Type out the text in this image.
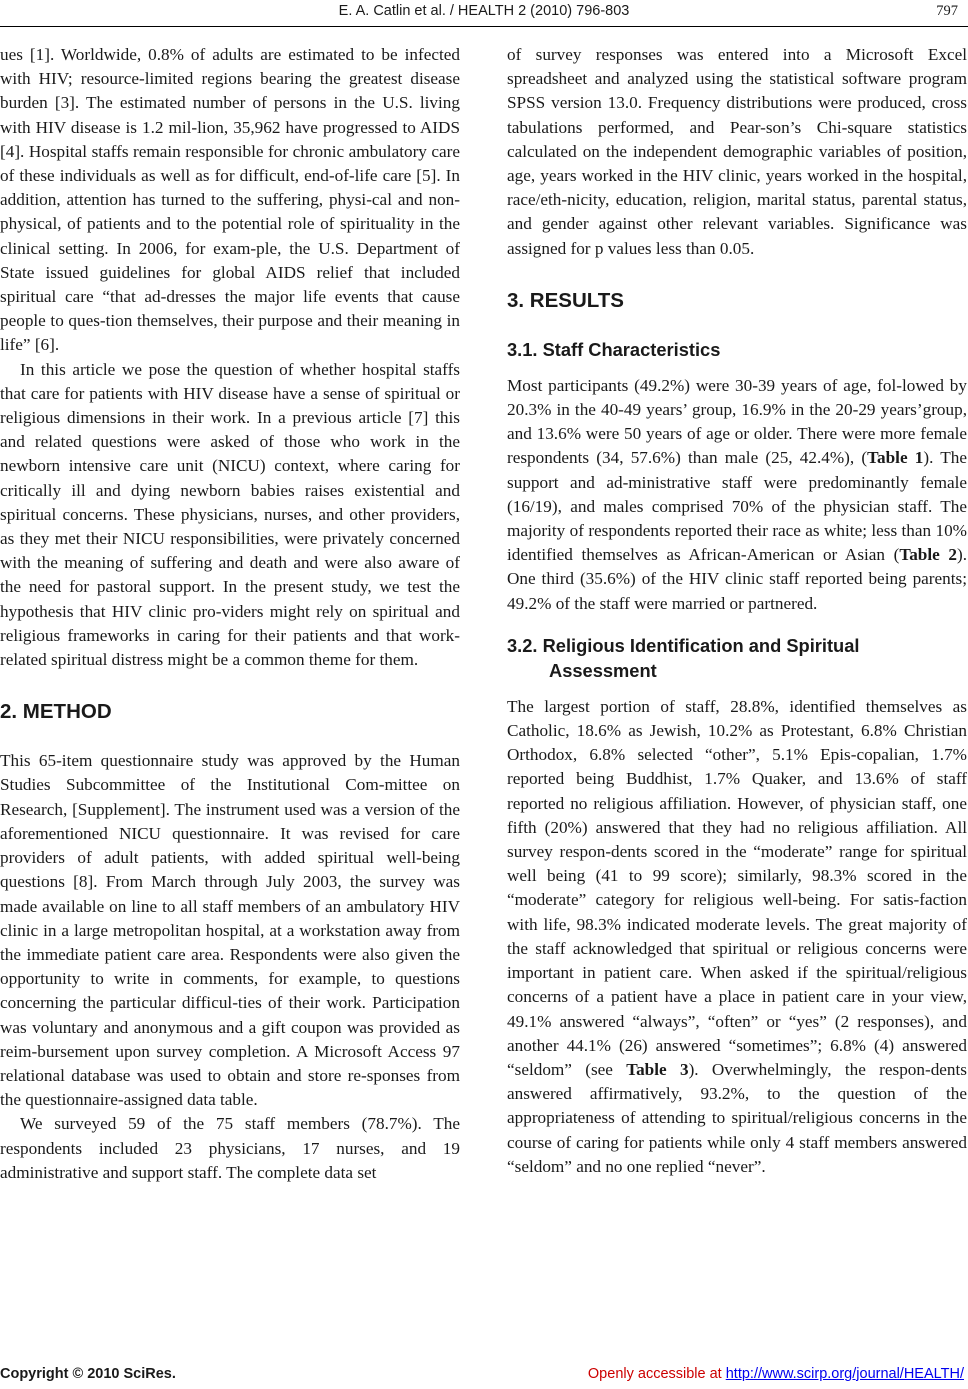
E. A. Catlin et al. / HEALTH 2 (2010) 796-803	797

ues [1]. Worldwide, 0.8% of adults are estimated to be infected with HIV; resource-limited regions bearing the greatest disease burden [3]. The estimated number of persons in the U.S. living with HIV disease is 1.2 mil-lion, 35,962 have progressed to AIDS [4]. Hospital staffs remain responsible for chronic ambulatory care of these individuals as well as for difficult, end-of-life care [5]. In addition, attention has turned to the suffering, physi-cal and non-physical, of patients and to the potential role of spirituality in the clinical setting. In 2006, for exam-ple, the U.S. Department of State issued guidelines for global AIDS relief that included spiritual care “that ad-dresses the major life events that cause people to ques-tion themselves, their purpose and their meaning in life” [6].

In this article we pose the question of whether hospital staffs that care for patients with HIV disease have a sense of spiritual or religious dimensions in their work. In a previous article [7] this and related questions were asked of those who work in the newborn intensive care unit (NICU) context, where caring for critically ill and dying newborn babies raises existential and spiritual concerns. These physicians, nurses, and other providers, as they met their NICU responsibilities, were privately concerned with the meaning of suffering and death and were also aware of the need for pastoral support. In the present study, we test the hypothesis that HIV clinic pro-viders might rely on spiritual and religious frameworks in caring for their patients and that work-related spiritual distress might be a common theme for them.

2. METHOD

This 65-item questionnaire study was approved by the Human Studies Subcommittee of the Institutional Com-mittee on Research, [Supplement]. The instrument used was a version of the aforementioned NICU questionnaire. It was revised for care providers of adult patients, with added spiritual well-being questions [8]. From March through July 2003, the survey was made available on line to all staff members of an ambulatory HIV clinic in a large metropolitan hospital, at a workstation away from the immediate patient care area. Respondents were also given the opportunity to write in comments, for example, to questions concerning the particular difficul-ties of their work. Participation was voluntary and anonymous and a gift coupon was provided as reim-bursement upon survey completion. A Microsoft Access 97 relational database was used to obtain and store re-sponses from the questionnaire-assigned data table.

We surveyed 59 of the 75 staff members (78.7%). The respondents included 23 physicians, 17 nurses, and 19 administrative and support staff. The complete data set

of survey responses was entered into a Microsoft Excel spreadsheet and analyzed using the statistical software program SPSS version 13.0. Frequency distributions were produced, cross tabulations performed, and Pear-son’s Chi-square statistics calculated on the independent demographic variables of position, age, years worked in the HIV clinic, years worked in the hospital, race/eth-nicity, education, religion, marital status, parental status, and gender against other relevant variables. Significance was assigned for p values less than 0.05.

3. RESULTS
3.1. Staff Characteristics

Most participants (49.2%) were 30-39 years of age, fol-lowed by 20.3% in the 40-49 years’ group, 16.9% in the 20-29 years’group, and 13.6% were 50 years of age or older. There were more female respondents (34, 57.6%) than male (25, 42.4%), (Table 1). The support and ad-ministrative staff were predominantly female (16/19), and males comprised 70% of the physician staff. The majority of respondents reported their race as white; less than 10% identified themselves as African-American or Asian (Table 2). One third (35.6%) of the HIV clinic staff reported being parents; 49.2% of the staff were married or partnered.

3.2. Religious Identification and Spiritual Assessment

The largest portion of staff, 28.8%, identified themselves as Catholic, 18.6% as Jewish, 10.2% as Protestant, 6.8% Christian Orthodox, 6.8% selected “other”, 5.1% Epis-copalian, 1.7% reported being Buddhist, 1.7% Quaker, and 13.6% of staff reported no religious affiliation. However, of physician staff, one fifth (20%) answered that they had no religious affiliation. All survey respon-dents scored in the “moderate” range for spiritual well being (41 to 99 score); similarly, 98.3% scored in the “moderate” category for religious well-being. For satis-faction with life, 98.3% indicated moderate levels. The great majority of the staff acknowledged that spiritual or religious concerns were important in patient care. When asked if the spiritual/religious concerns of a patient have a place in patient care in your view, 49.1% answered “always”, “often” or “yes” (2 responses), and another 44.1% (26) answered “sometimes”; 6.8% (4) answered “seldom” (see Table 3). Overwhelmingly, the respon-dents answered affirmatively, 93.2%, to the question of the appropriateness of attending to spiritual/religious concerns in the course of caring for patients while only 4 staff members answered “seldom” and no one replied “never”.

Copyright © 2010 SciRes.	Openly accessible at http://www.scirp.org/journal/HEALTH/
